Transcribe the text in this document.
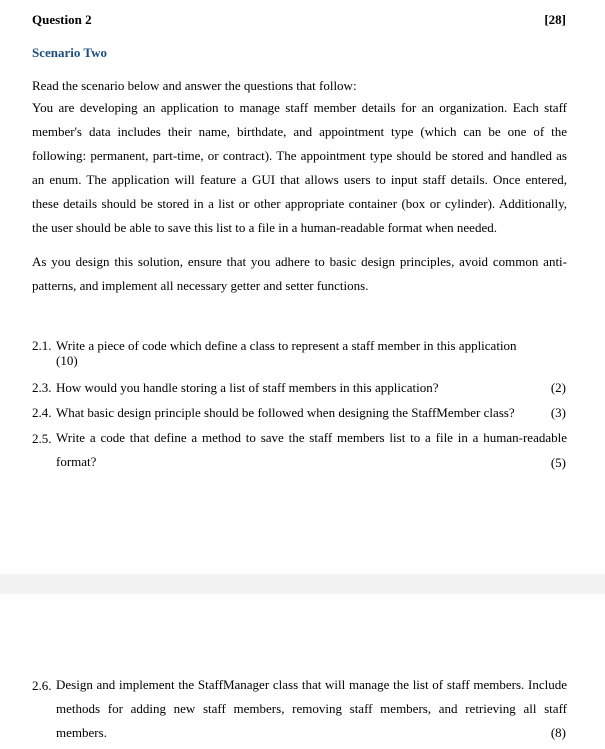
Question 2	[28]
Scenario Two
Read the scenario below and answer the questions that follow:
You are developing an application to manage staff member details for an organization. Each staff member's data includes their name, birthdate, and appointment type (which can be one of the following: permanent, part-time, or contract). The appointment type should be stored and handled as an enum. The application will feature a GUI that allows users to input staff details. Once entered, these details should be stored in a list or other appropriate container (box or cylinder). Additionally, the user should be able to save this list to a file in a human-readable format when needed.
As you design this solution, ensure that you adhere to basic design principles, avoid common anti-patterns, and implement all necessary getter and setter functions.
2.1. Write a piece of code which define a class to represent a staff member in this application
(10)
2.3. How would you handle storing a list of staff members in this application?	(2)
2.4. What basic design principle should be followed when designing the StaffMember class?	(3)
2.5. Write a code that define a method to save the staff members list to a file in a human-readable format?	(5)
2.6. Design and implement the StaffManager class that will manage the list of staff members. Include methods for adding new staff members, removing staff members, and retrieving all staff members.	(8)
